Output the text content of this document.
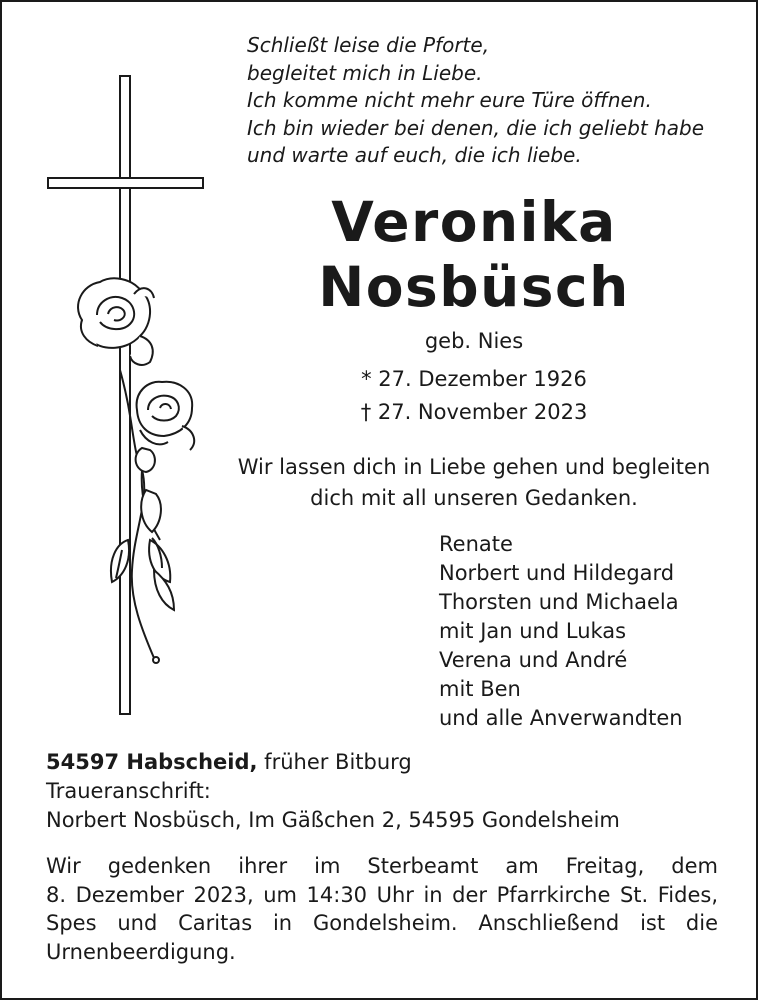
Schließt leise die Pforte,
begleitet mich in Liebe.
Ich komme nicht mehr eure Türe öffnen.
Ich bin wieder bei denen, die ich geliebt habe
und warte auf euch, die ich liebe.
Veronika
Nosbüsch
geb. Nies
* 27. Dezember 1926
† 27. November 2023
Wir lassen dich in Liebe gehen und begleiten
dich mit all unseren Gedanken.
Renate
Norbert und Hildegard
Thorsten und Michaela
mit Jan und Lukas
Verena und André
mit Ben
und alle Anverwandten
54597 Habscheid, früher Bitburg
Traueranschrift:
Norbert Nosbüsch, Im Gäßchen 2, 54595 Gondelsheim
Wir gedenken ihrer im Sterbeamt am Freitag, dem
8. Dezember 2023, um 14:30 Uhr in der Pfarrkirche St. Fides,
Spes und Caritas in Gondelsheim. Anschließend ist die
Urnenbeerdigung.
